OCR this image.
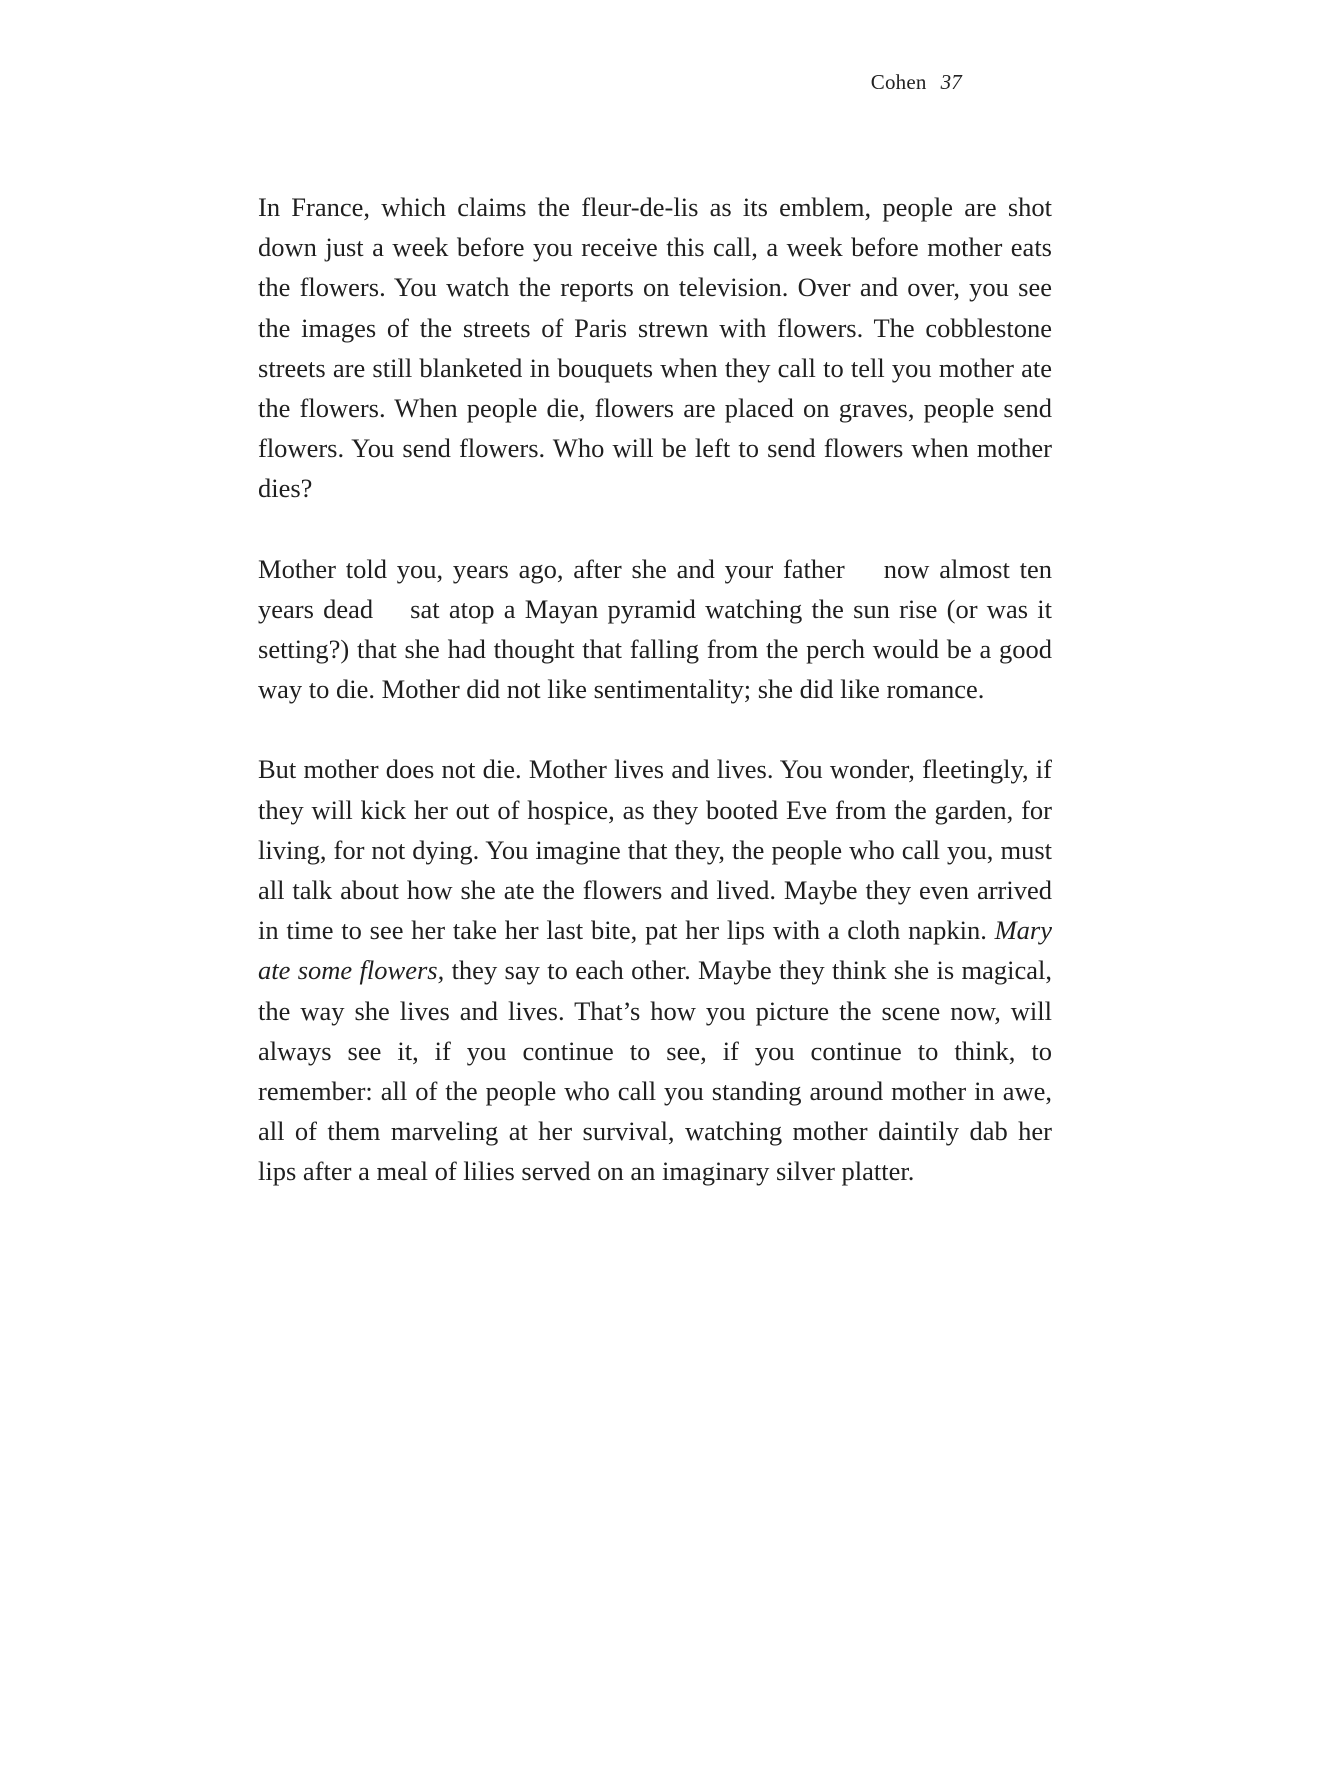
Cohen 37

In France, which claims the fleur-de-lis as its emblem, people are shot down just a week before you receive this call, a week before mother eats the flowers. You watch the reports on television. Over and over, you see the images of the streets of Paris strewn with flowers. The cobblestone streets are still blanketed in bouquets when they call to tell you mother ate the flowers. When people die, flowers are placed on graves, people send flowers. You send flowers. Who will be left to send flowers when mother dies?

Mother told you, years ago, after she and your father    now almost ten years dead    sat atop a Mayan pyramid watching the sun rise (or was it setting?) that she had thought that falling from the perch would be a good way to die. Mother did not like sentimentality; she did like romance.

But mother does not die. Mother lives and lives. You wonder, fleetingly, if they will kick her out of hospice, as they booted Eve from the garden, for living, for not dying. You imagine that they, the people who call you, must all talk about how she ate the flowers and lived. Maybe they even arrived in time to see her take her last bite, pat her lips with a cloth napkin. Mary ate some flowers, they say to each other. Maybe they think she is magical, the way she lives and lives. That’s how you picture the scene now, will always see it, if you continue to see, if you continue to think, to remember: all of the people who call you standing around mother in awe, all of them marveling at her survival, watching mother daintily dab her lips after a meal of lilies served on an imaginary silver platter.
